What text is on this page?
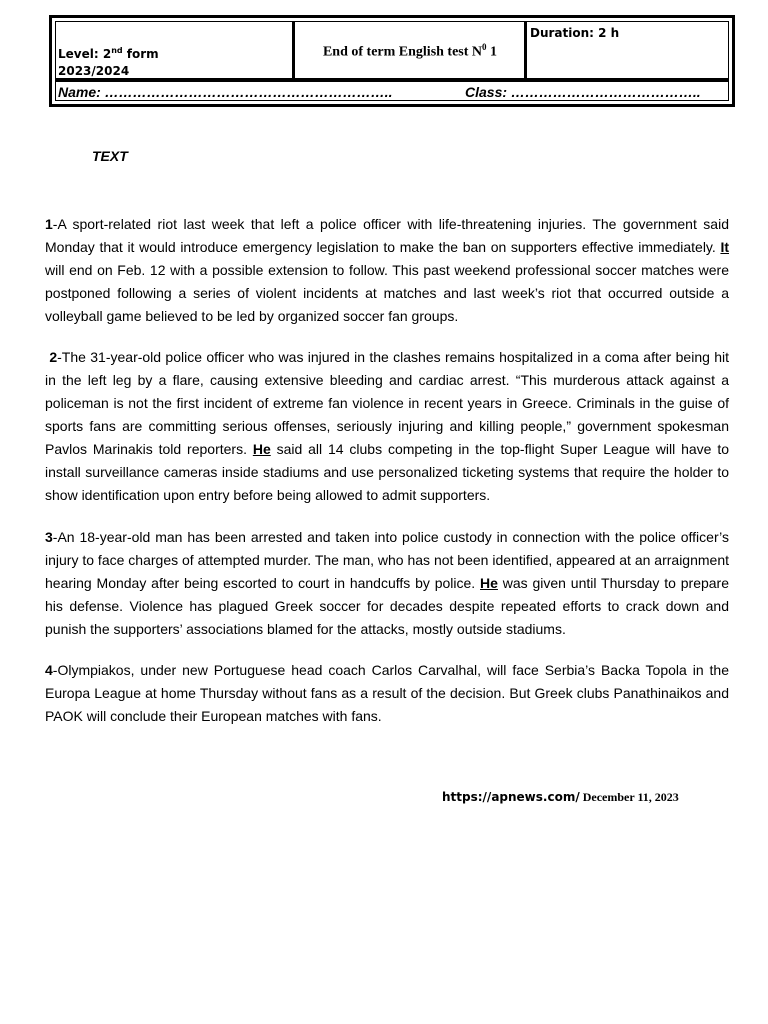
Level: 2nd form
2023/2024
End of term English test $N^0$ 1
Duration: 2 h
Name: ……………………………………………………..	Class: …………………………………..
TEXT
1-A sport-related riot last week that left a police officer with life-threatening injuries. The government said Monday that it would introduce emergency legislation to make the ban on supporters effective immediately. It will end on Feb. 12 with a possible extension to follow. This past weekend professional soccer matches were postponed following a series of violent incidents at matches and last week’s riot that occurred outside a volleyball game believed to be led by organized soccer fan groups.
2-The 31-year-old police officer who was injured in the clashes remains hospitalized in a coma after being hit in the left leg by a flare, causing extensive bleeding and cardiac arrest. “This murderous attack against a policeman is not the first incident of extreme fan violence in recent years in Greece. Criminals in the guise of sports fans are committing serious offenses, seriously injuring and killing people,” government spokesman Pavlos Marinakis told reporters. He said all 14 clubs competing in the top-flight Super League will have to install surveillance cameras inside stadiums and use personalized ticketing systems that require the holder to show identification upon entry before being allowed to admit supporters.
3-An 18-year-old man has been arrested and taken into police custody in connection with the police officer’s injury to face charges of attempted murder. The man, who has not been identified, appeared at an arraignment hearing Monday after being escorted to court in handcuffs by police. He was given until Thursday to prepare his defense. Violence has plagued Greek soccer for decades despite repeated efforts to crack down and punish the supporters’ associations blamed for the attacks, mostly outside stadiums.
4-Olympiakos, under new Portuguese head coach Carlos Carvalhal, will face Serbia’s Backa Topola in the Europa League at home Thursday without fans as a result of the decision. But Greek clubs Panathinaikos and PAOK will conclude their European matches with fans.
https://apnews.com/ December 11, 2023
